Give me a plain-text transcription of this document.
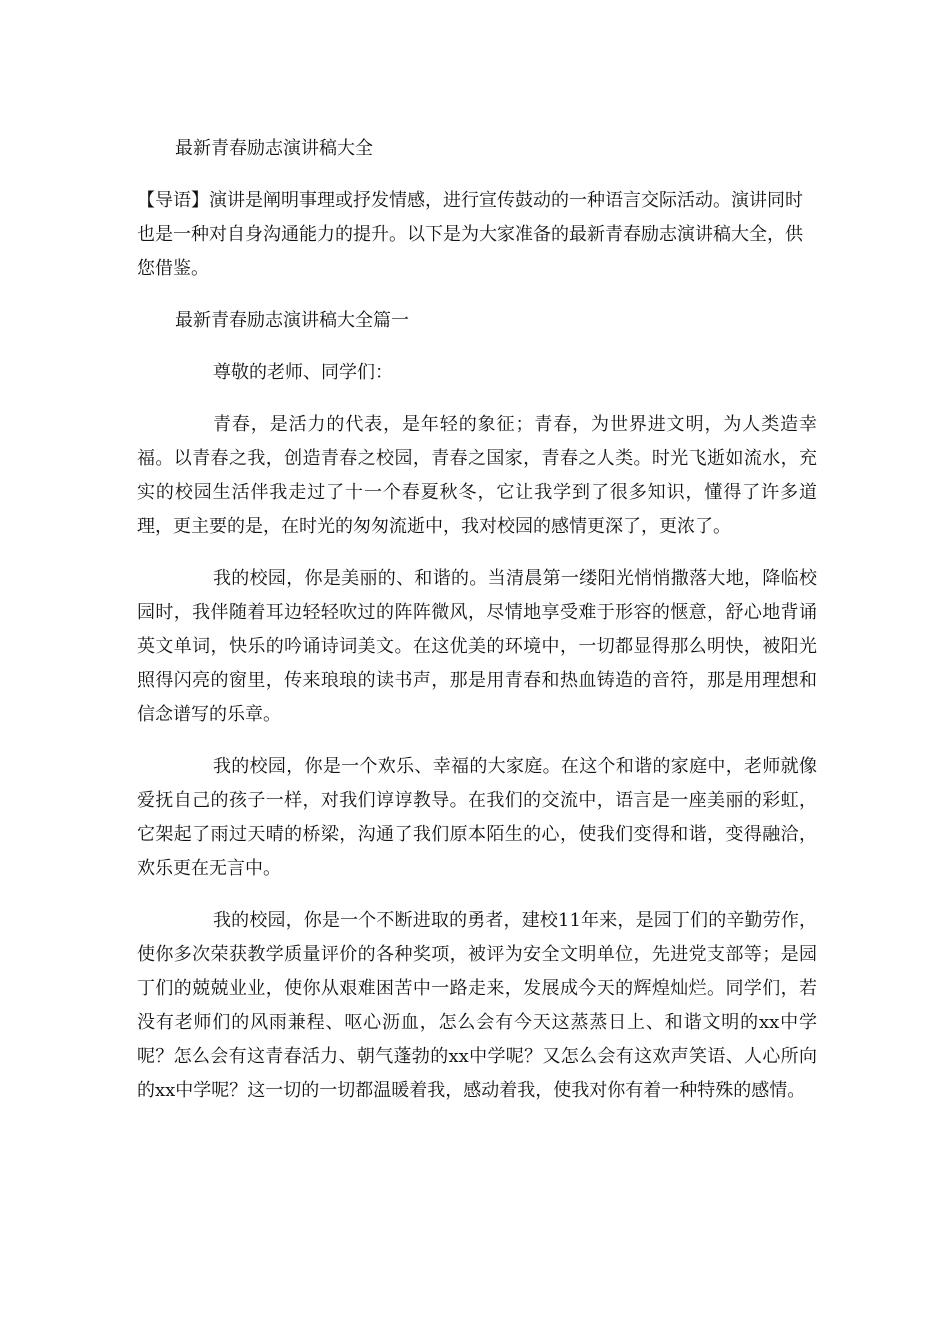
最新青春励志演讲稿大全
【导语】演讲是阐明事理或抒发情感，进行宣传鼓动的一种语言交际活动。演讲同时也是一种对自身沟通能力的提升。以下是为大家准备的最新青春励志演讲稿大全，供您借鉴。
最新青春励志演讲稿大全篇一
尊敬的老师、同学们：
青春，是活力的代表，是年轻的象征；青春，为世界进文明，为人类造幸福。以青春之我，创造青春之校园，青春之国家，青春之人类。时光飞逝如流水，充实的校园生活伴我走过了十一个春夏秋冬，它让我学到了很多知识，懂得了许多道理，更主要的是，在时光的匆匆流逝中，我对校园的感情更深了，更浓了。
我的校园，你是美丽的、和谐的。当清晨第一缕阳光悄悄撒落大地，降临校园时，我伴随着耳边轻轻吹过的阵阵微风，尽情地享受难于形容的惬意，舒心地背诵英文单词，快乐的吟诵诗词美文。在这优美的环境中，一切都显得那么明快，被阳光照得闪亮的窗里，传来琅琅的读书声，那是用青春和热血铸造的音符，那是用理想和信念谱写的乐章。
我的校园，你是一个欢乐、幸福的大家庭。在这个和谐的家庭中，老师就像爱抚自己的孩子一样，对我们谆谆教导。在我们的交流中，语言是一座美丽的彩虹，它架起了雨过天晴的桥梁，沟通了我们原本陌生的心，使我们变得和谐，变得融洽，欢乐更在无言中。
我的校园，你是一个不断进取的勇者，建校11年来，是园丁们的辛勤劳作，使你多次荣获教学质量评价的各种奖项，被评为安全文明单位，先进党支部等；是园丁们的兢兢业业，使你从艰难困苦中一路走来，发展成今天的辉煌灿烂。同学们，若没有老师们的风雨兼程、呕心沥血，怎么会有今天这蒸蒸日上、和谐文明的xx中学呢？怎么会有这青春活力、朝气蓬勃的xx中学呢？又怎么会有这欢声笑语、人心所向的xx中学呢？这一切的一切都温暖着我，感动着我，使我对你有着一种特殊的感情。
